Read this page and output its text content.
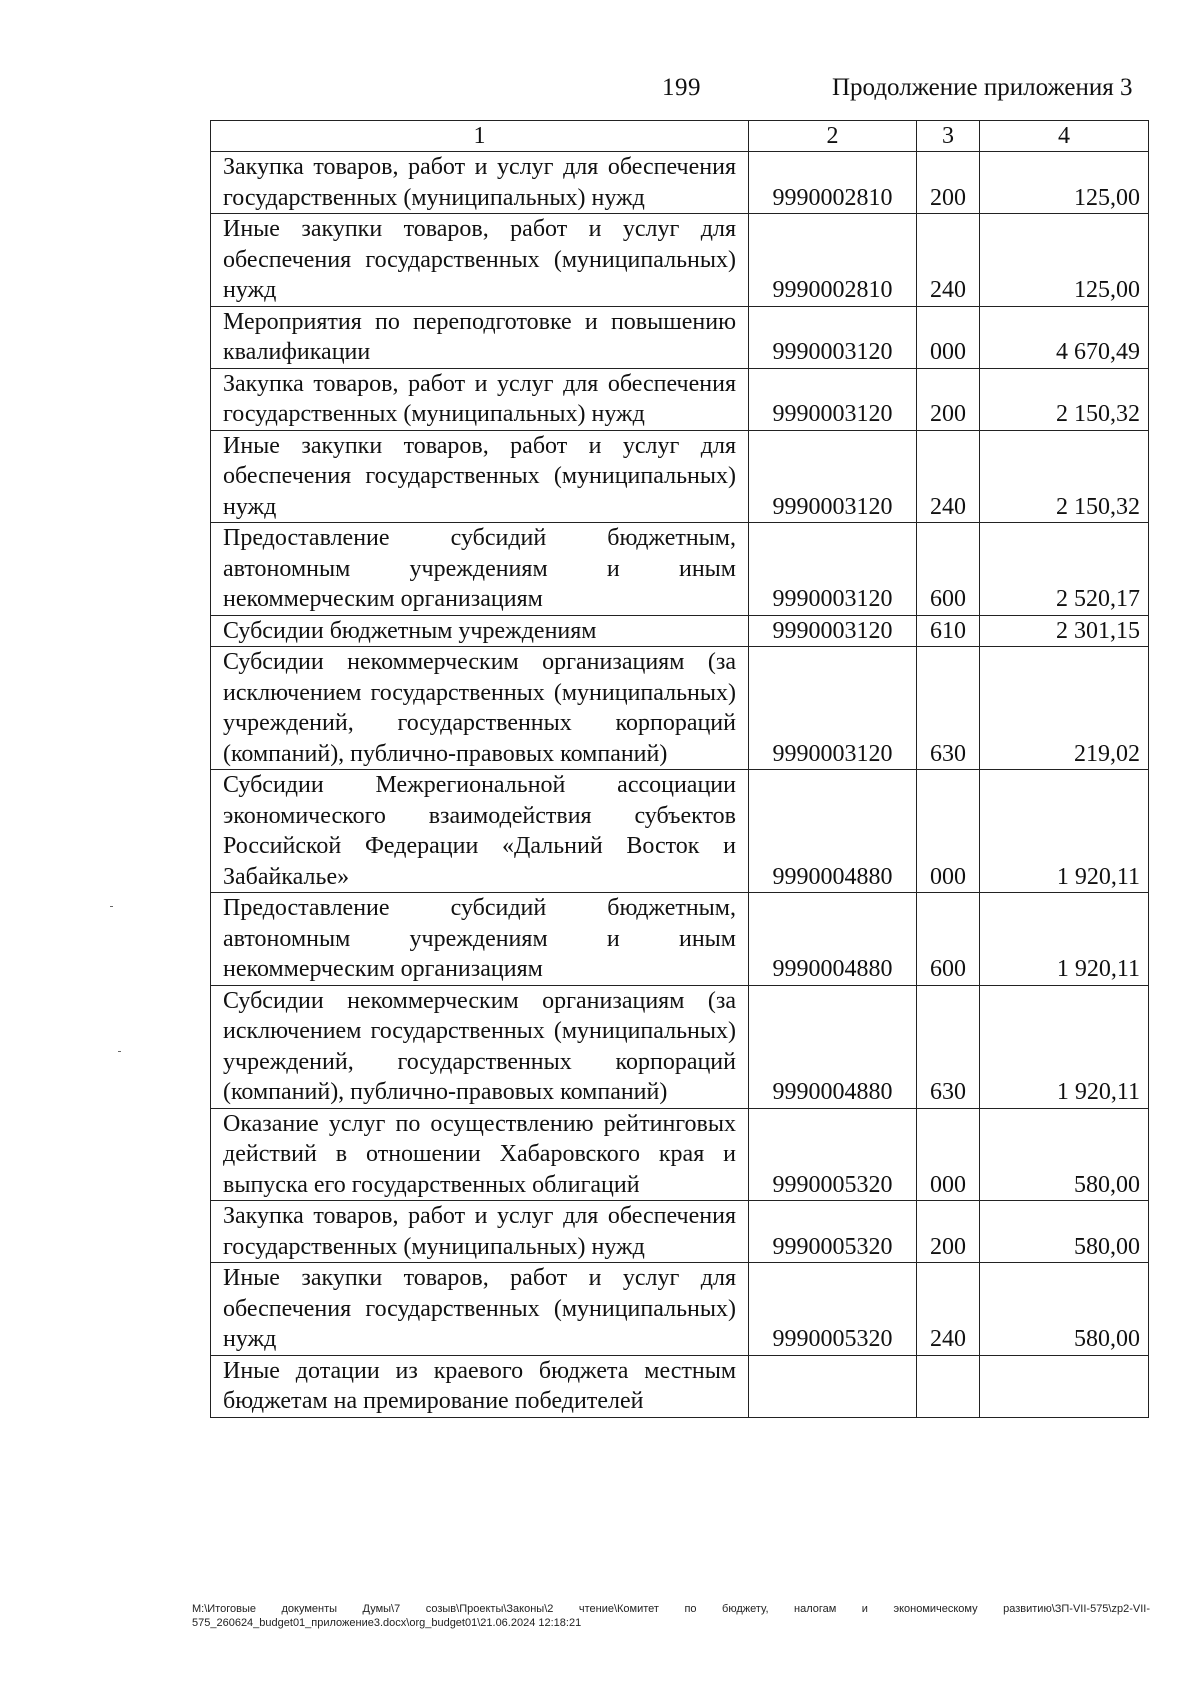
199	Продолжение приложения 3
1	2	3	4
Закупка товаров, работ и услуг для обеспечения государственных (муниципальных) нужд	9990002810	200	125,00
Иные закупки товаров, работ и услуг для обеспечения государственных (муниципальных) нужд	9990002810	240	125,00
Мероприятия по переподготовке и повышению квалификации	9990003120	000	4 670,49
Закупка товаров, работ и услуг для обеспечения государственных (муниципальных) нужд	9990003120	200	2 150,32
Иные закупки товаров, работ и услуг для обеспечения государственных (муниципальных) нужд	9990003120	240	2 150,32
Предоставление субсидий бюджетным, автономным учреждениям и иным некоммерческим организациям	9990003120	600	2 520,17
Субсидии бюджетным учреждениям	9990003120	610	2 301,15
Субсидии некоммерческим организациям (за исключением государственных (муниципальных) учреждений, государственных корпораций (компаний), публично-правовых компаний)	9990003120	630	219,02
Субсидии Межрегиональной ассоциации экономического взаимодействия субъектов Российской Федерации «Дальний Восток и Забайкалье»	9990004880	000	1 920,11
Предоставление субсидий бюджетным, автономным учреждениям и иным некоммерческим организациям	9990004880	600	1 920,11
Субсидии некоммерческим организациям (за исключением государственных (муниципальных) учреждений, государственных корпораций (компаний), публично-правовых компаний)	9990004880	630	1 920,11
Оказание услуг по осуществлению рейтинговых действий в отношении Хабаровского края и выпуска его государственных облигаций	9990005320	000	580,00
Закупка товаров, работ и услуг для обеспечения государственных (муниципальных) нужд	9990005320	200	580,00
Иные закупки товаров, работ и услуг для обеспечения государственных (муниципальных) нужд	9990005320	240	580,00
Иные дотации из краевого бюджета местным бюджетам на премирование победителей			
M:\Итоговые документы Думы\7 созыв\Проекты\Законы\2 чтение\Комитет по бюджету, налогам и экономическому развитию\ЗП-VII-575\zp2-VII-575_260624_budget01_приложение3.docx\org_budget01\21.06.2024 12:18:21
